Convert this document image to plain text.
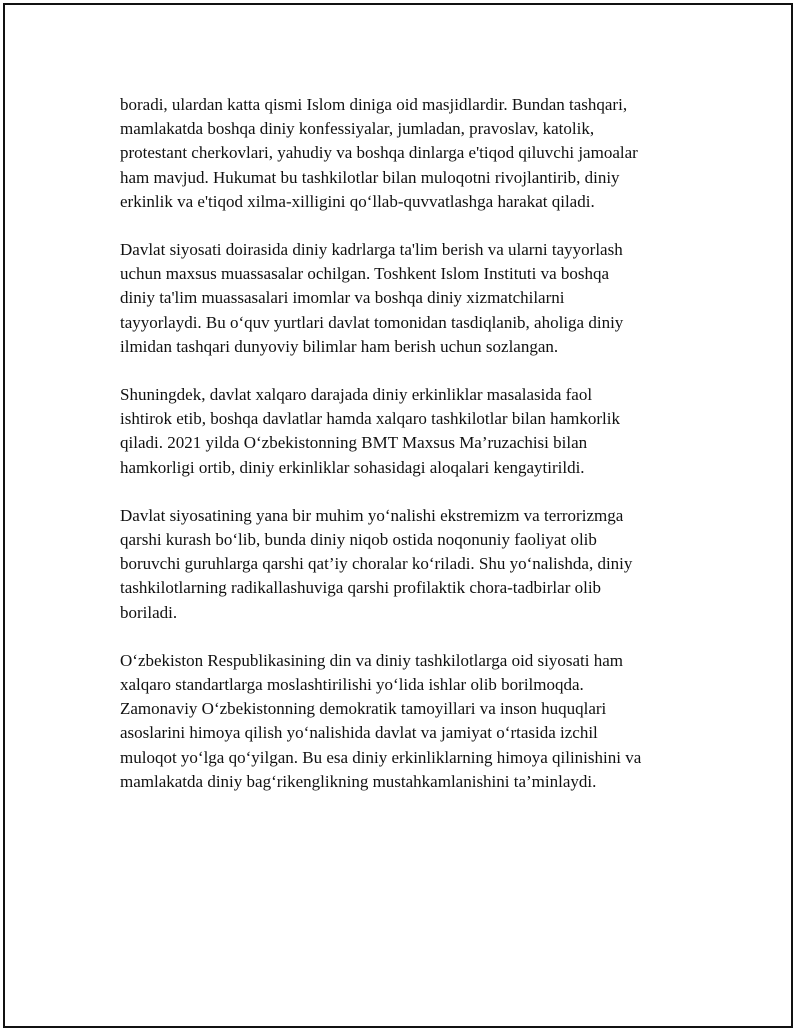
boradi, ulardan katta qismi Islom diniga oid masjidlardir. Bundan tashqari,
mamlakatda boshqa diniy konfessiyalar, jumladan, pravoslav, katolik,
protestant cherkovlari, yahudiy va boshqa dinlarga e'tiqod qiluvchi jamoalar
ham mavjud. Hukumat bu tashkilotlar bilan muloqotni rivojlantirib, diniy
erkinlik va e'tiqod xilma-xilligini qo‘llab-quvvatlashga harakat qiladi.
Davlat siyosati doirasida diniy kadrlarga ta'lim berish va ularni tayyorlash
uchun maxsus muassasalar ochilgan. Toshkent Islom Instituti va boshqa
diniy ta'lim muassasalari imomlar va boshqa diniy xizmatchilarni
tayyorlaydi. Bu o‘quv yurtlari davlat tomonidan tasdiqlanib, aholiga diniy
ilmidan tashqari dunyoviy bilimlar ham berish uchun sozlangan.
Shuningdek, davlat xalqaro darajada diniy erkinliklar masalasida faol
ishtirok etib, boshqa davlatlar hamda xalqaro tashkilotlar bilan hamkorlik
qiladi. 2021 yilda O‘zbekistonning BMT Maxsus Ma’ruzachisi bilan
hamkorligi ortib, diniy erkinliklar sohasidagi aloqalari kengaytirildi.
Davlat siyosatining yana bir muhim yo‘nalishi ekstremizm va terrorizmga
qarshi kurash bo‘lib, bunda diniy niqob ostida noqonuniy faoliyat olib
boruvchi guruhlarga qarshi qat’iy choralar ko‘riladi. Shu yo‘nalishda, diniy
tashkilotlarning radikallashuviga qarshi profilaktik chora-tadbirlar olib
boriladi.
O‘zbekiston Respublikasining din va diniy tashkilotlarga oid siyosati ham
xalqaro standartlarga moslashtirilishi yo‘lida ishlar olib borilmoqda.
Zamonaviy O‘zbekistonning demokratik tamoyillari va inson huquqlari
asoslarini himoya qilish yo‘nalishida davlat va jamiyat o‘rtasida izchil
muloqot yo‘lga qo‘yilgan. Bu esa diniy erkinliklarning himoya qilinishini va
mamlakatda diniy bag‘rikenglikning mustahkamlanishini ta’minlaydi.
